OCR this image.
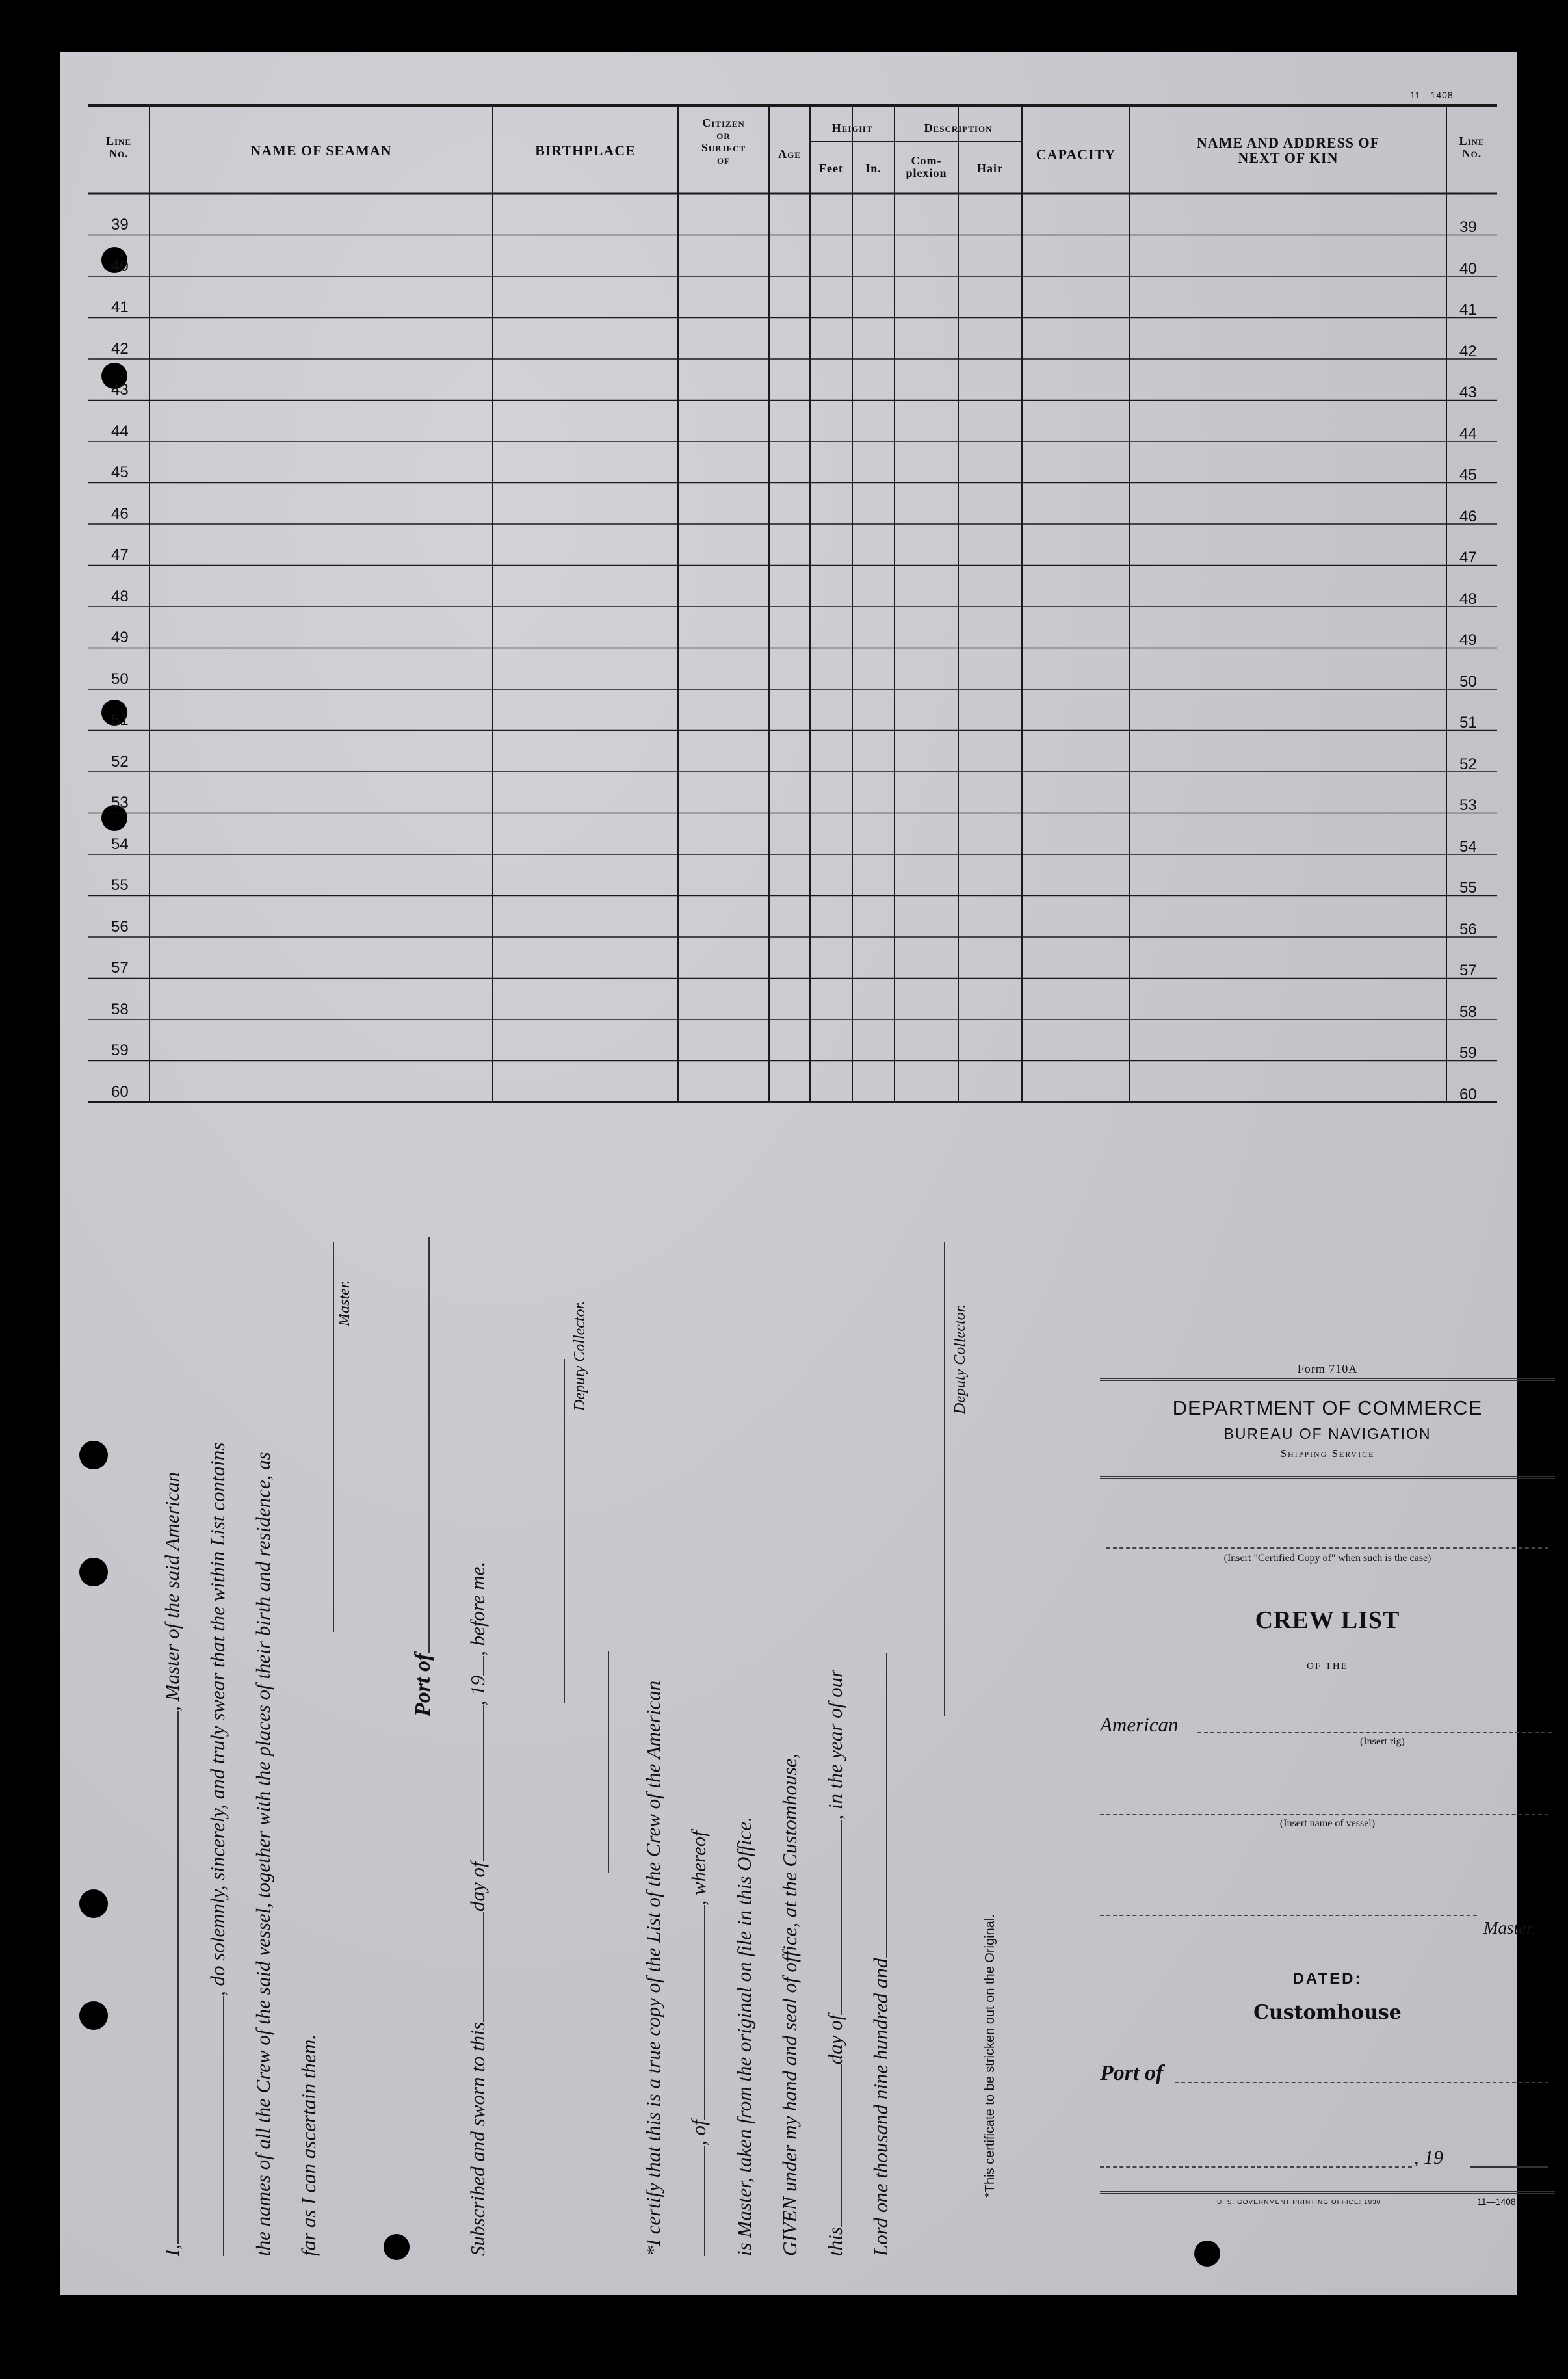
11—1408
Line
No.	NAME OF SEAMAN	BIRTHPLACE
Citizen
or
Subject
of	Age
Height
Feet	In.
Description
Com-
plexion	Hair
CAPACITY
NAME AND ADDRESS OF
NEXT OF KIN
Line
No.
39	39
40	40
41	41
42	42
43	43
44	44
45	45
46	46
47	47
48	48
49	49
50	50
51	51
52	52
53	53
54	54
55	55
56	56
57	57
58	58
59	59
60	60
I,, Master of the said American , do solemnly, sincerely, and truly swear that the within List contains the names of all the Crew of the said vessel, together with the places of their birth and residence, as far as I can ascertain them.
Master.
Port of
Subscribed and sworn to thisday of, 19, before me.
Deputy Collector.
*I certify that this is a true copy of the List of the Crew of the American , of, whereof is Master, taken from the original on file in this Office. GIVEN under my hand and seal of office, at the Customhouse, thisday of, in the year of our
Lord one thousand nine hundred and
Deputy Collector.
*This certificate to be stricken out on the Original.
Form 710A
DEPARTMENT OF COMMERCE
BUREAU OF NAVIGATION
Shipping Service
(Insert "Certified Copy of" when such is the case)
CREW LIST
OF THE
American
(Insert rig)
(Insert name of vessel)
Master.
DATED:
Customhouse
Port of
, 19
U. S. GOVERNMENT PRINTING OFFICE: 1930	11—1408
